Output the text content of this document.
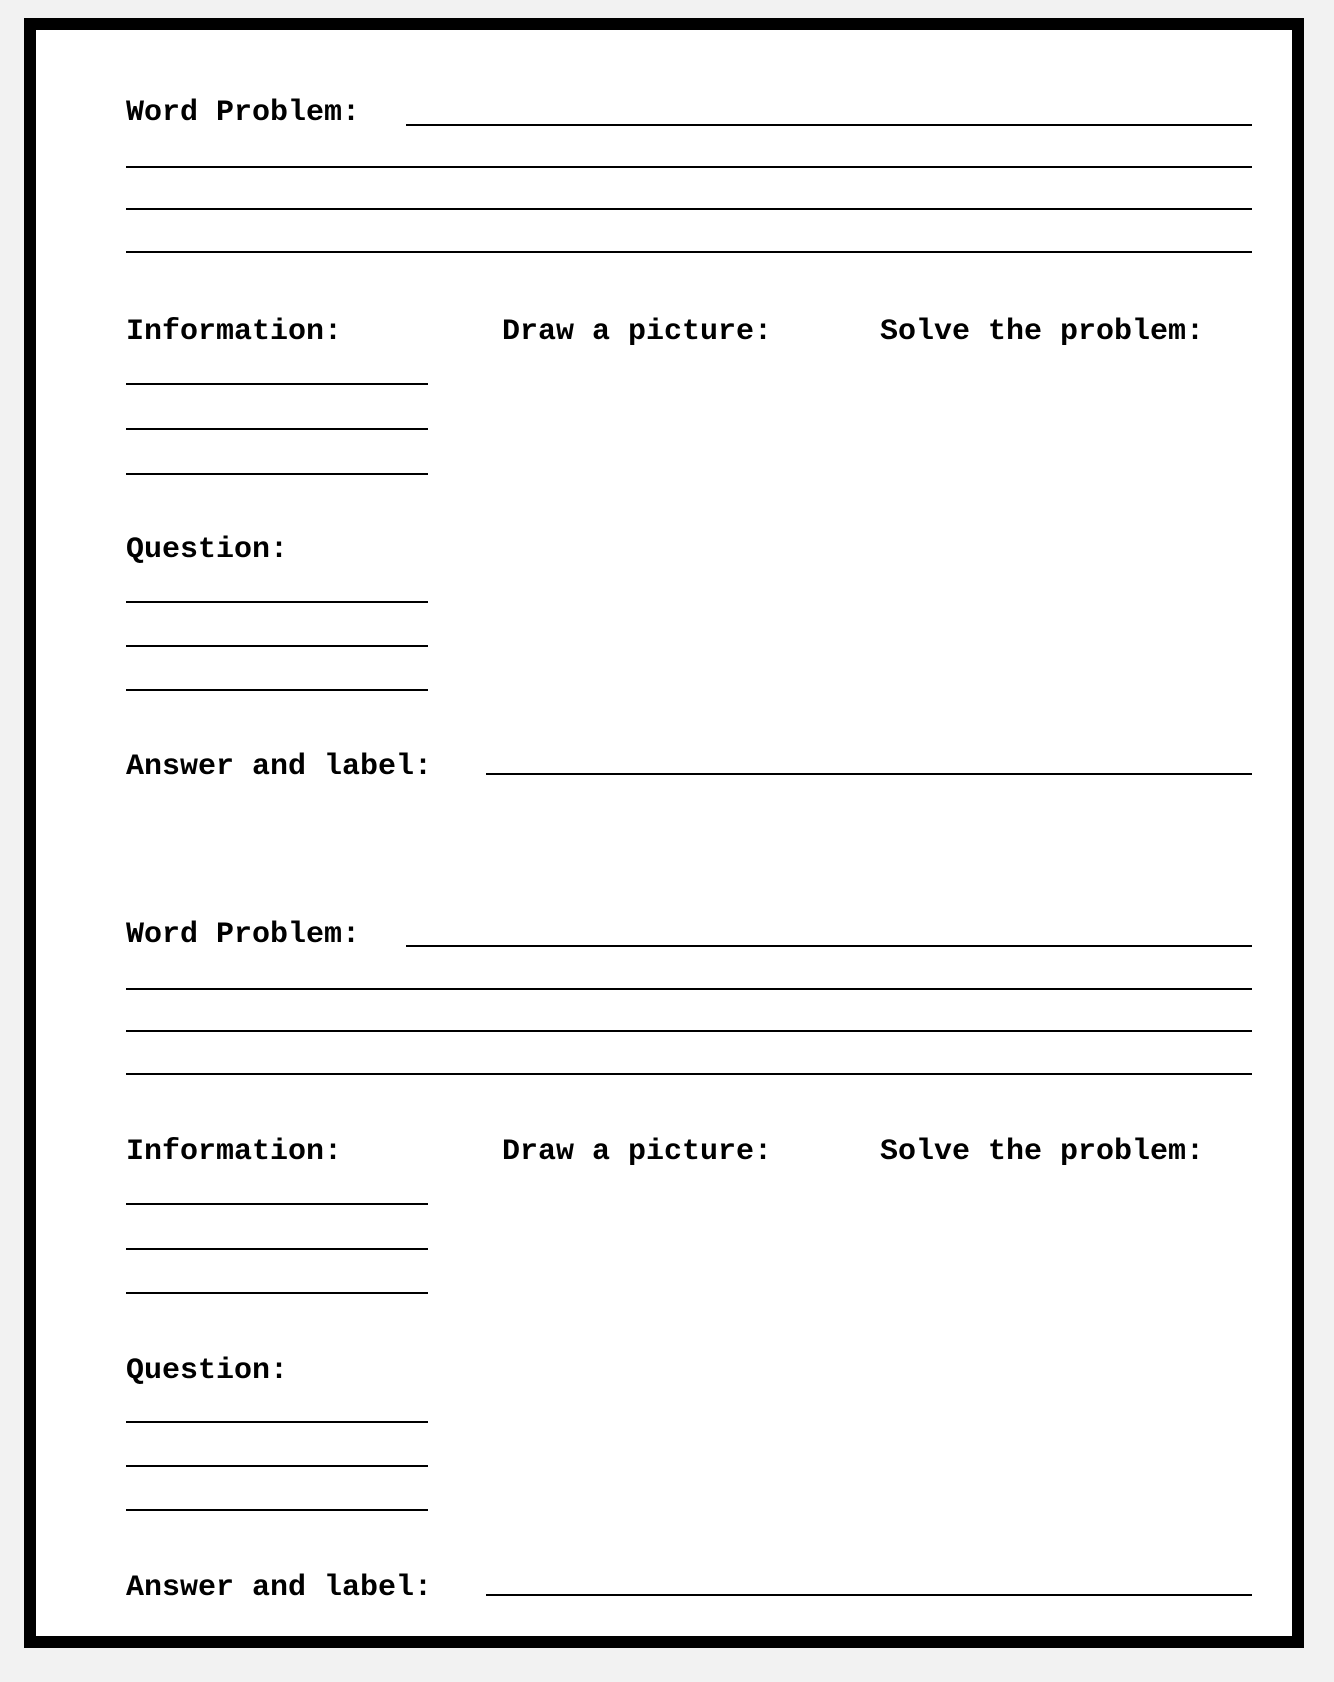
Word Problem:
Information:	Draw a picture:	Solve the problem:
Question:
Answer and label:
Word Problem:
Information:	Draw a picture:	Solve the problem:
Question:
Answer and label:
